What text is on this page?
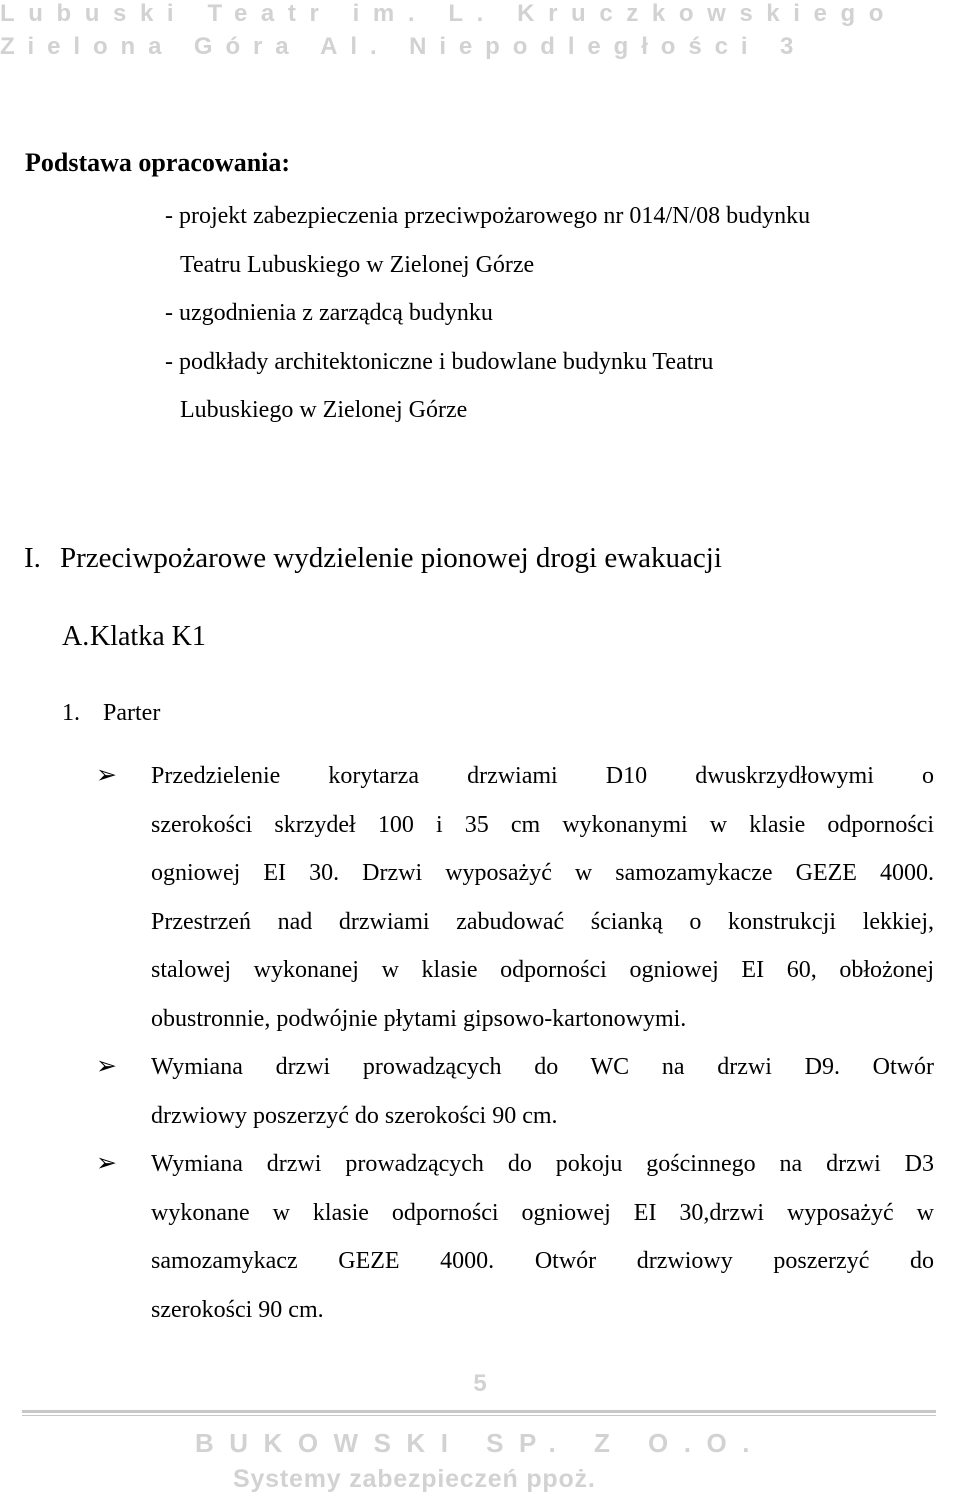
Lubuski Teatr im. L. Kruczkowskiego
Zielona Góra Al. Niepodległości 3
Podstawa opracowania:
- projekt zabezpieczenia przeciwpożarowego nr 014/N/08 budynku
Teatru Lubuskiego w Zielonej Górze
- uzgodnienia z zarządcą budynku
- podkłady architektoniczne i budowlane budynku Teatru
Lubuskiego w Zielonej Górze
I. Przeciwpożarowe wydzielenie pionowej drogi ewakuacji
A.Klatka K1
1. Parter
➢ Przedzielenie korytarza drzwiami D10 dwuskrzydłowymi o
szerokości skrzydeł 100 i 35 cm wykonanymi w klasie odporności
ogniowej EI 30. Drzwi wyposażyć w samozamykacze GEZE 4000.
Przestrzeń nad drzwiami zabudować ścianką o konstrukcji lekkiej,
stalowej wykonanej w klasie odporności ogniowej EI 60, obłożonej
obustronnie, podwójnie płytami gipsowo-kartonowymi.
➢ Wymiana drzwi prowadzących do WC na drzwi D9. Otwór
drzwiowy poszerzyć do szerokości 90 cm.
➢ Wymiana drzwi prowadzących do pokoju gościnnego na drzwi D3
wykonane w klasie odporności ogniowej EI 30,drzwi wyposażyć w
samozamykacz GEZE 4000. Otwór drzwiowy poszerzyć do
szerokości 90 cm.
5
BUKOWSKI SP. Z O.O.
Systemy zabezpieczeń ppoż.
